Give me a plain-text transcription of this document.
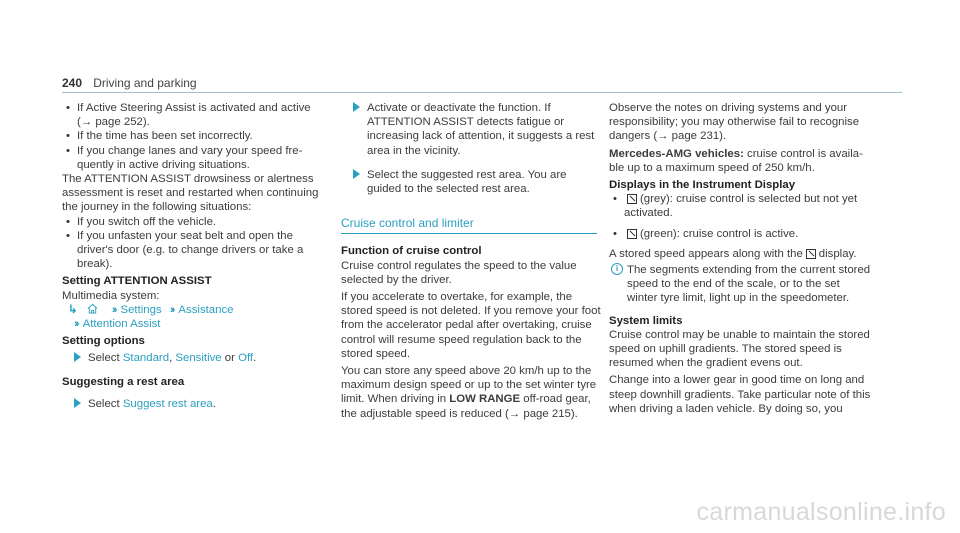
240 Driving and parking
• If Active Steering Assist is activated and active (→ page 252).
• If the time has been set incorrectly.
• If you change lanes and vary your speed frequently in active driving situations.

The ATTENTION ASSIST drowsiness or alertness assessment is reset and restarted when continuing the journey in the following situations:

• If you switch off the vehicle.
• If you unfasten your seat belt and open the driver's door (e.g. to change drivers or take a break).

Setting ATTENTION ASSIST

Multimedia system:

↳	›› Settings ›› Assistance

›› Attention Assist

Setting options

Select Standard, Sensitive or Off.

Suggesting a rest area

Select Suggest rest area.

Activate or deactivate the function. If ATTENTION ASSIST detects fatigue or increasing lack of attention, it suggests a rest area in the vicinity.

Select the suggested rest area. You are guided to the selected rest area.

Cruise control and limiter

Function of cruise control

Cruise control regulates the speed to the value selected by the driver.

If you accelerate to overtake, for example, the stored speed is not deleted. If you remove your foot from the accelerator pedal after overtaking, cruise control will resume speed regulation back to the stored speed.

You can store any speed above 20 km/h up to the maximum design speed or up to the set winter tyre limit. When driving in LOW RANGE off-road gear, the adjustable speed is reduced (→ page 215).

Observe the notes on driving systems and your responsibility; you may otherwise fail to recognise dangers (→ page 231).

Mercedes-AMG vehicles: cruise control is available up to a maximum speed of 250 km/h.

Displays in the Instrument Display

• (grey): cruise control is selected but not yet activated.
• (green): cruise control is active.

A stored speed appears along with the display.

i The segments extending from the current stored speed to the end of the scale, or to the set winter tyre limit, light up in the speedometer.

System limits

Cruise control may be unable to maintain the stored speed on uphill gradients. The stored speed is resumed when the gradient evens out.

Change into a lower gear in good time on long and steep downhill gradients. Take particular note of this when driving a laden vehicle. By doing so, you

carmanualsonline.info
